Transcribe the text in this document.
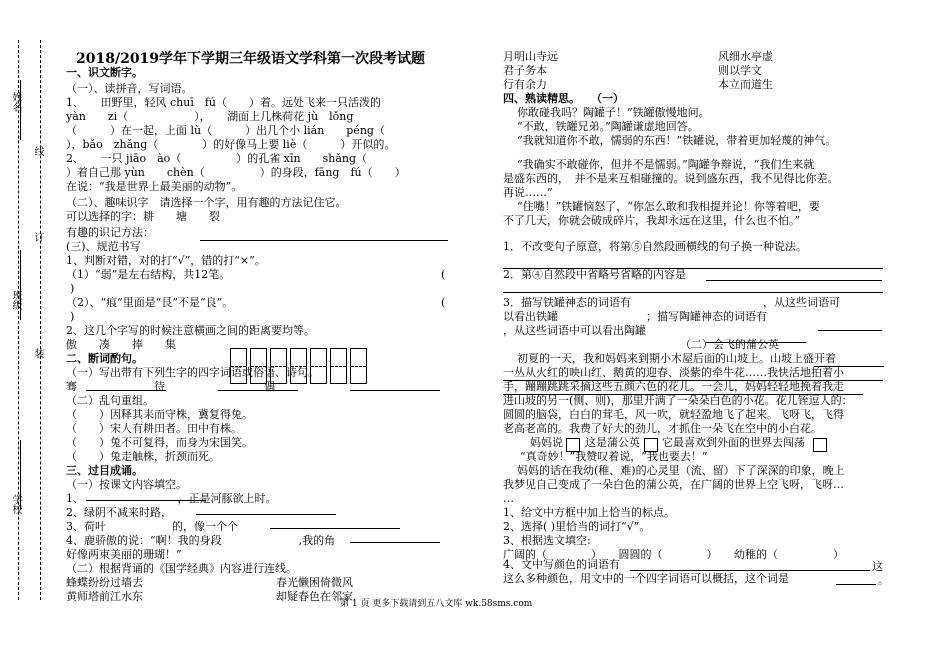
姓名
线
订
班级
装
学校
2018/2019学年下学期三年级语文学科第一次段考试题
一、识文断字。
（一）、读拼音，写词语。
1、　　田野里，轻风 chuī　fú（　　）着。远处飞来一只活泼的
yàn　　zi（　　　　　　），　　湖面上几株荷花 jù　lǒng
（　　　）在一起，上面 lù（　　　）出几个小 lián　　péng（
），bǎo　zhǎng（　　　　）的好像马上要 liè（　　　）开似的。
2、　　一只 jiāo　ào（　　　　　）的孔雀 xīn　　shǎng（
）着自己那 yùn　　chèn（　　　　　）的身段，fāng　fú（　　）
在说：“我是世界上最美丽的动物”。
（二）、趣味识字　请选择一个字，用有趣的方法记住它。
可以选择的字：耕　　塘　　裂
有趣的识记方法：
(三)、规范书写
1、判断对错，对的打“√”，错的打“×”。
（1）“弱”是左右结构，共12笔。
（2）、“痕”里面是“艮”不是“良”。
2、这几个字写的时候注意横画之间的距离要均等。
傲　　凑　　捧　　集
二、断词酌句。
（一）写出带有下列生字的四字词语或俗语、诗句。
骞　　　　　　　待　　　　　　　　　偶
（二）乱句重组。
（　　）因释其耒而守株，冀复得兔。
（　　）宋人有耕田者。田中有株。
（　　）兔不可复得，而身为宋国笑。
（　　）兔走触株，折颈而死。
三、过目成诵。
（一）按课文内容填空。
1、　　　　　　　　　，正是河豚欲上时。
2、绿阴不减来时路，
3、荷叶　　　　　　的，像一个个
4、鹿骄傲的说：“啊！我的身段　　　　　　　,我的角
好像两束美丽的珊瑚！”
（二）根据背诵的《国学经典》内容进行连线。
(
)
(
)
蜂蝶纷纷过墙去	春光懒困倚微风
黄师塔前江水东	却疑春色在邻家
月明山寺远	风细水亭虚
君子务本	则以学文
行有余力	本立而道生
四、熟读精思。　　（一）
你敢碰我吗？陶罐子！”铁罐傲慢地问。
“不敢，铁罐兄弟。”陶罐谦虚地回答。
“我就知道你不敢，懦弱的东西！”铁罐说，带着更加轻蔑的神气。
“我确实不敢碰你，但并不是懦弱。”陶罐争辩说，“我们生来就
是盛东西的，　并不是来互相碰撞的。说到盛东西，我不见得比你差。
再说……”
“住嘴！”铁罐恼怒了，“你怎么敢和我相提并论！你等着吧，要
不了几天，你就会破成碎片，我却永远在这里，什么也不怕。”
1．不改变句子原意，将第⑤自然段画横线的句子换一种说法。
2．第④自然段中省略号省略的内容是
3．描写铁罐神态的词语有　　　　　　　　　　　　，从这些词语可
以看出铁罐　　　　　　　　；描写陶罐神态的词语有
，从这些词语中可以看出陶罐
（二）会飞的蒲公英
初夏的一天，我和妈妈来到期小木屋后面的山坡上。山坡上盛开着
一丛从火红的映山红、鹅黄的迎春、淡紫的牵牛花……我快活地拍着小
手，蹦蹦跳跳采摘这些五颜六色的花儿。一会儿，妈妈轻轻地挽着我走
进山坡的另一(侧、则)，那里开满了一朵朵白色的小花。花儿铚逗人的：
圆圆的脑袋，白白的茸毛，风一吹，就轻盈地飞了起来。飞呀飞，飞得
老高老高的。我费了好大的劲儿，才抓住一朵飞在空中的小白花。
妈妈说　　这是蒲公英　　它最喜欢到外面的世界去闯荡
“真奇妙！”我赞叹着说，“我也要去！”
妈妈的话在我幼(稚、难)的心灵里（流、留）下了深深的印象，晚上
我梦见自己变成了一朵白色的蒲公英，在广阔的世界上空飞呀，飞呀…
…
1、给文中方框中加上恰当的标点。
2、选择( )里恰当的词打“√”。
3、根据选文填空:
广阔的（　　　　）　　圆圆的（　　　　）　　幼稚的（　　　　　）
4、文中写颜色的词语有
这么多种颜色，用文中的一个四字词语可以概括，这个词是
这
。
第 1 页 更多下载请到五八文库 wk.58sms.com
